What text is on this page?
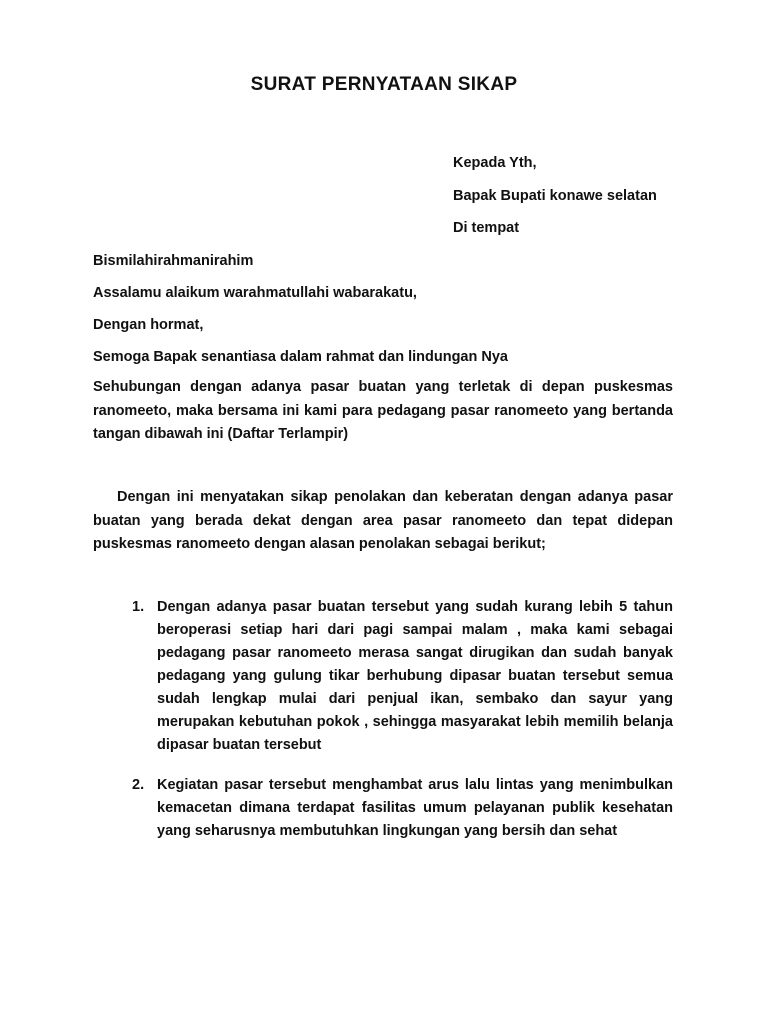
SURAT PERNYATAAN SIKAP
Kepada Yth,
Bapak Bupati konawe selatan
Di tempat
Bismilahirahmanirahim
Assalamu alaikum warahmatullahi wabarakatu,
Dengan hormat,
Semoga Bapak senantiasa dalam rahmat dan lindungan Nya
Sehubungan dengan adanya pasar buatan yang terletak di depan puskesmas ranomeeto, maka bersama ini kami para pedagang pasar ranomeeto yang bertanda tangan dibawah ini (Daftar Terlampir)
Dengan ini menyatakan sikap penolakan dan keberatan dengan adanya pasar buatan yang berada dekat dengan area pasar ranomeeto dan tepat didepan puskesmas ranomeeto dengan alasan penolakan sebagai berikut;
1. Dengan adanya pasar buatan tersebut yang sudah kurang lebih 5 tahun beroperasi setiap hari dari pagi sampai malam , maka kami sebagai pedagang pasar ranomeeto merasa sangat dirugikan dan sudah banyak pedagang yang gulung tikar berhubung dipasar buatan tersebut semua sudah lengkap mulai dari penjual ikan, sembako dan sayur yang merupakan kebutuhan pokok , sehingga masyarakat lebih memilih belanja dipasar buatan tersebut
2. Kegiatan pasar tersebut menghambat arus lalu lintas yang menimbulkan kemacetan dimana terdapat fasilitas umum pelayanan publik kesehatan yang seharusnya membutuhkan lingkungan yang bersih dan sehat
